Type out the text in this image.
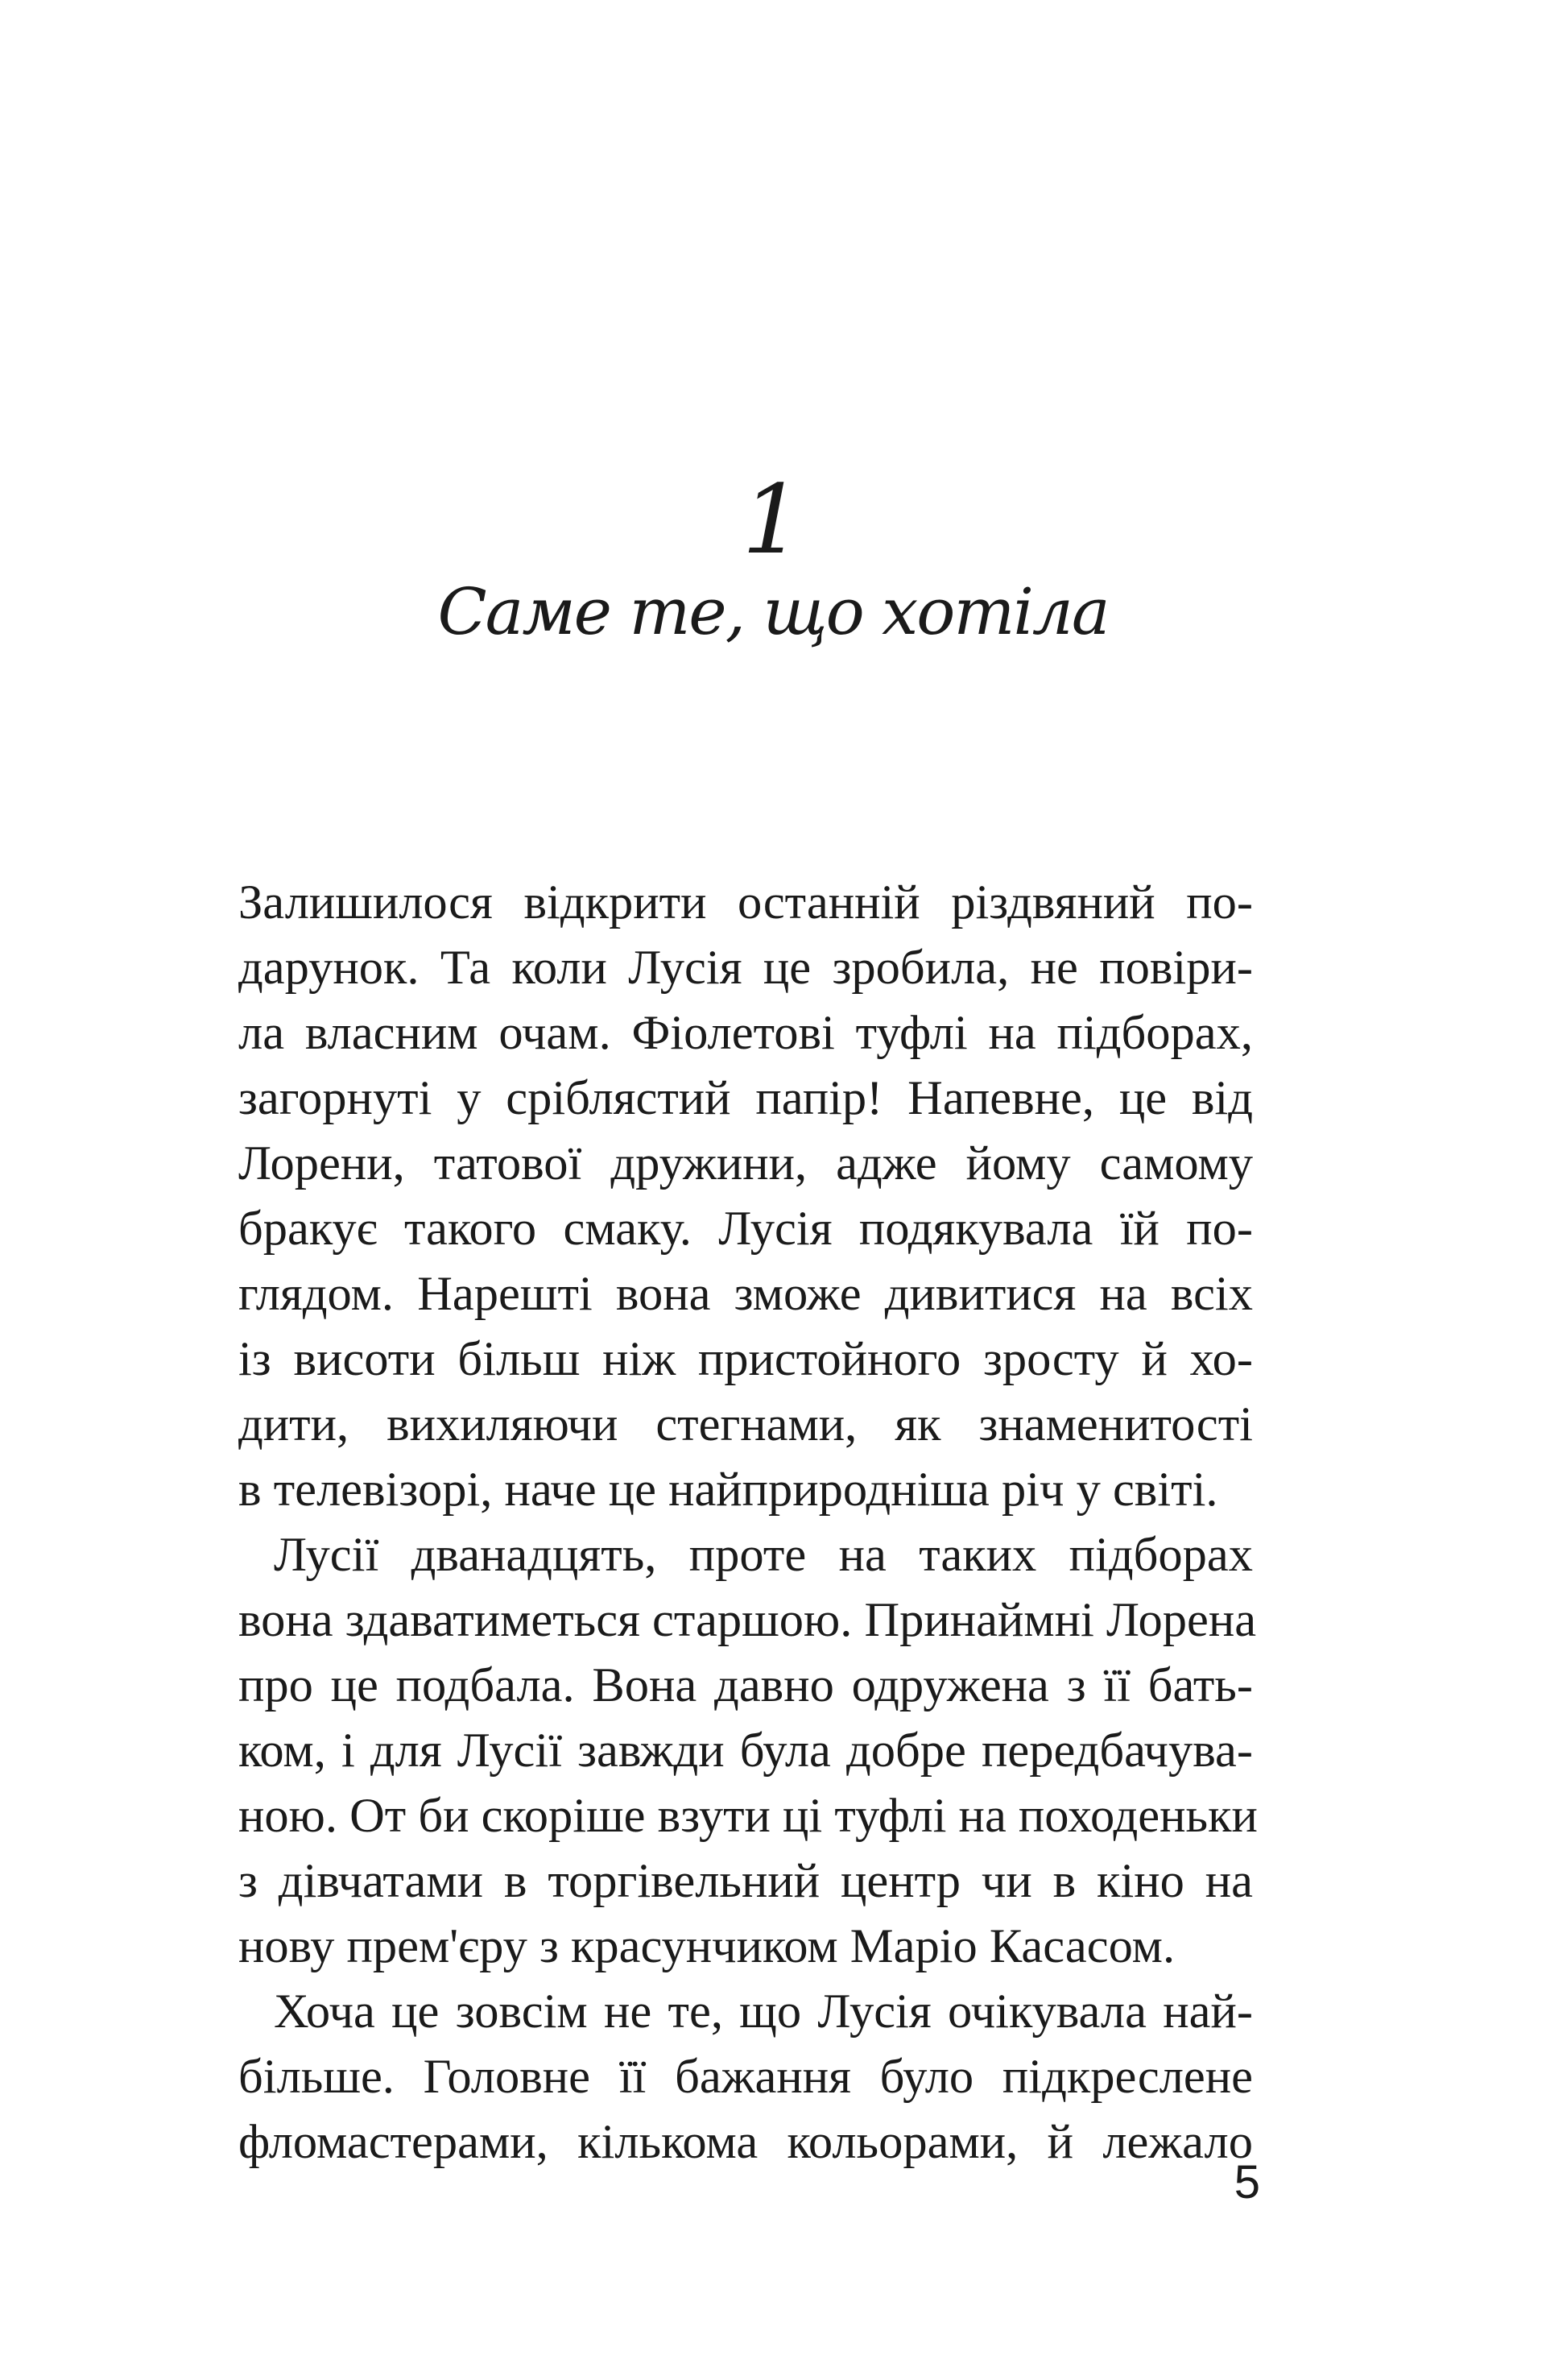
1
Саме те, що хотіла

Залишилося відкрити останній різдвяний по-
дарунок. Та коли Лусія це зробила, не повіри-
ла власним очам. Фіолетові туфлі на підборах,
загорнуті у сріблястий папір! Напевне, це від
Лорени, татової дружини, адже йому самому
бракує такого смаку. Лусія подякувала їй по-
глядом. Нарешті вона зможе дивитися на всіх
із висоти більш ніж пристойного зросту й хо-
дити, вихиляючи стегнами, як знаменитості
в телевізорі, наче це найприродніша річ у світі.

Лусії дванадцять, проте на таких підборах
вона здаватиметься старшою. Принаймні Лорена
про це подбала. Вона давно одружена з її бать-
ком, і для Лусії завжди була добре передбачува-
ною. От би скоріше взути ці туфлі на походеньки
з дівчатами в торгівельний центр чи в кіно на
нову прем'єру з красунчиком Маріо Касасом.

Хоча це зовсім не те, що Лусія очікувала най-
більше. Головне її бажання було підкреслене
фломастерами, кількома кольорами, й лежало

5
